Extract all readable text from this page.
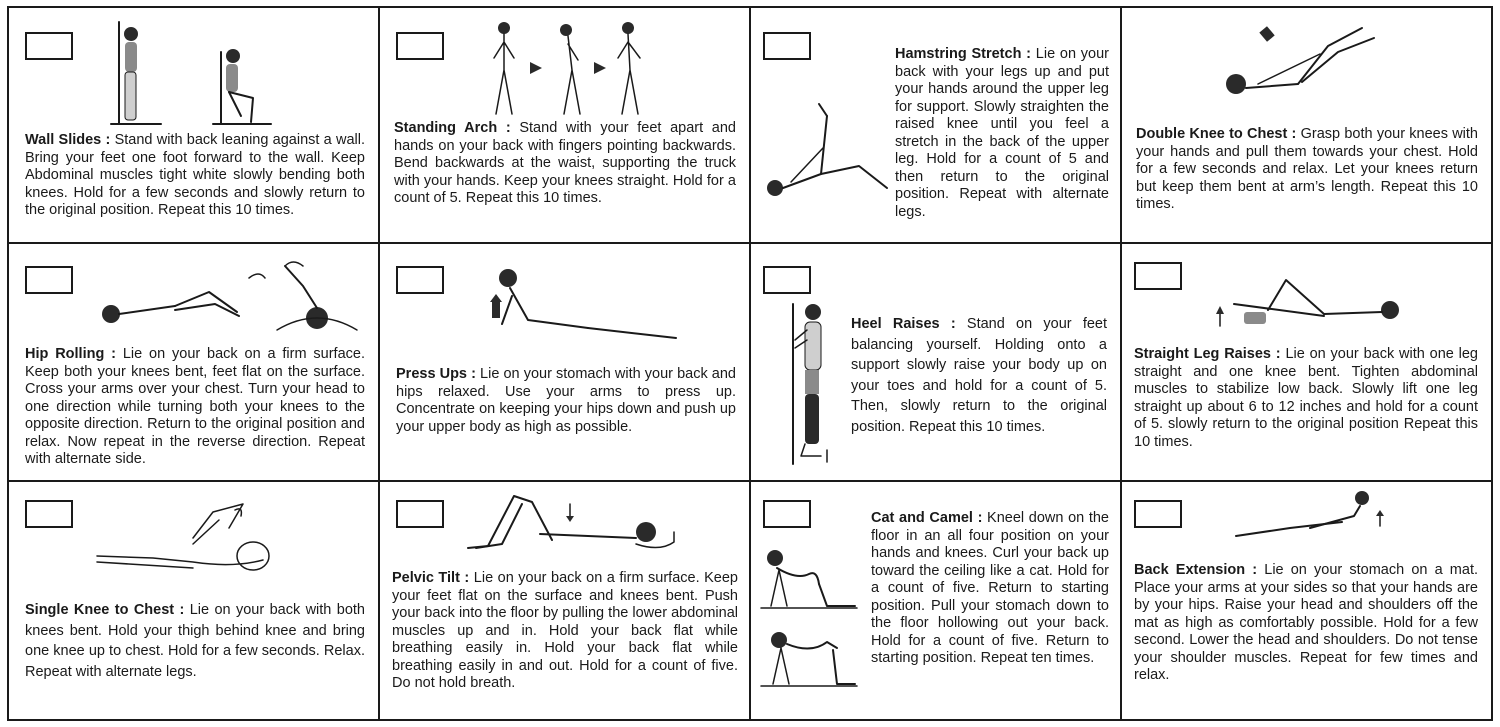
Wall Slides : Stand with back leaning against a wall. Bring your feet one foot forward to the wall. Keep Abdominal muscles tight white slowly bending both knees. Hold for a few seconds and slowly return to the original position. Repeat this 10 times.

Standing Arch : Stand with your feet apart and hands on your back with fingers pointing backwards. Bend backwards at the waist, supporting the truck with your hands. Keep your knees straight. Hold for a count of 5. Repeat this 10 times.

Hamstring Stretch : Lie on your back with your legs up and put your hands around the upper leg for support. Slowly straighten the raised knee until you feel a stretch in the back of the upper leg. Hold for a count of 5 and then return to the original position. Repeat with alternate legs.

Double Knee to Chest : Grasp both your knees with your hands and pull them towards your chest. Hold for a few seconds and relax. Let your knees return but keep them bent at arm’s length. Repeat this 10 times.

Hip Rolling : Lie on your back on a firm surface. Keep both your knees bent, feet flat on the surface. Cross your arms over your chest. Turn your head to one direction while turning both your knees to the opposite direction. Return to the original position and relax. Now repeat in the reverse direction. Repeat with alternate side.

Press Ups : Lie on your stomach with your back and hips relaxed. Use your arms to press up. Concentrate on keeping your hips down and push up your upper body as high as possible.

Heel Raises : Stand on your feet balancing yourself. Holding onto a support slowly raise your body up on your toes and hold for a count of 5. Then, slowly return to the original position. Repeat this 10 times.

Straight Leg Raises : Lie on your back with one leg straight and one knee bent. Tighten abdominal muscles to stabilize low back. Slowly lift one leg straight up about 6 to 12 inches and hold for a count of 5. slowly return to the original position Repeat this 10 times.

Single Knee to Chest : Lie on your back with both knees bent. Hold your thigh behind knee and bring one knee up to chest. Hold for a few seconds. Relax. Repeat with alternate legs.

Pelvic Tilt : Lie on your back on a firm surface. Keep your feet flat on the surface and knees bent. Push your back into the floor by pulling the lower abdominal muscles up and in. Hold your back flat while breathing easily in. Hold your back flat while breathing easily in and out. Hold for a count of five. Do not hold breath.

Cat and Camel : Kneel down on the floor in an all four position on your hands and knees. Curl your back up toward the ceiling like a cat. Hold for a count of five. Return to starting position. Pull your stomach down to the floor hollowing out your back. Hold for a count of five. Return to starting position. Repeat ten times.

Back Extension : Lie on your stomach on a mat. Place your arms at your sides so that your hands are by your hips. Raise your head and shoulders off the mat as high as comfortably possible. Hold for a few second. Lower the head and shoulders. Do not tense your shoulder muscles. Repeat for few times and relax.
